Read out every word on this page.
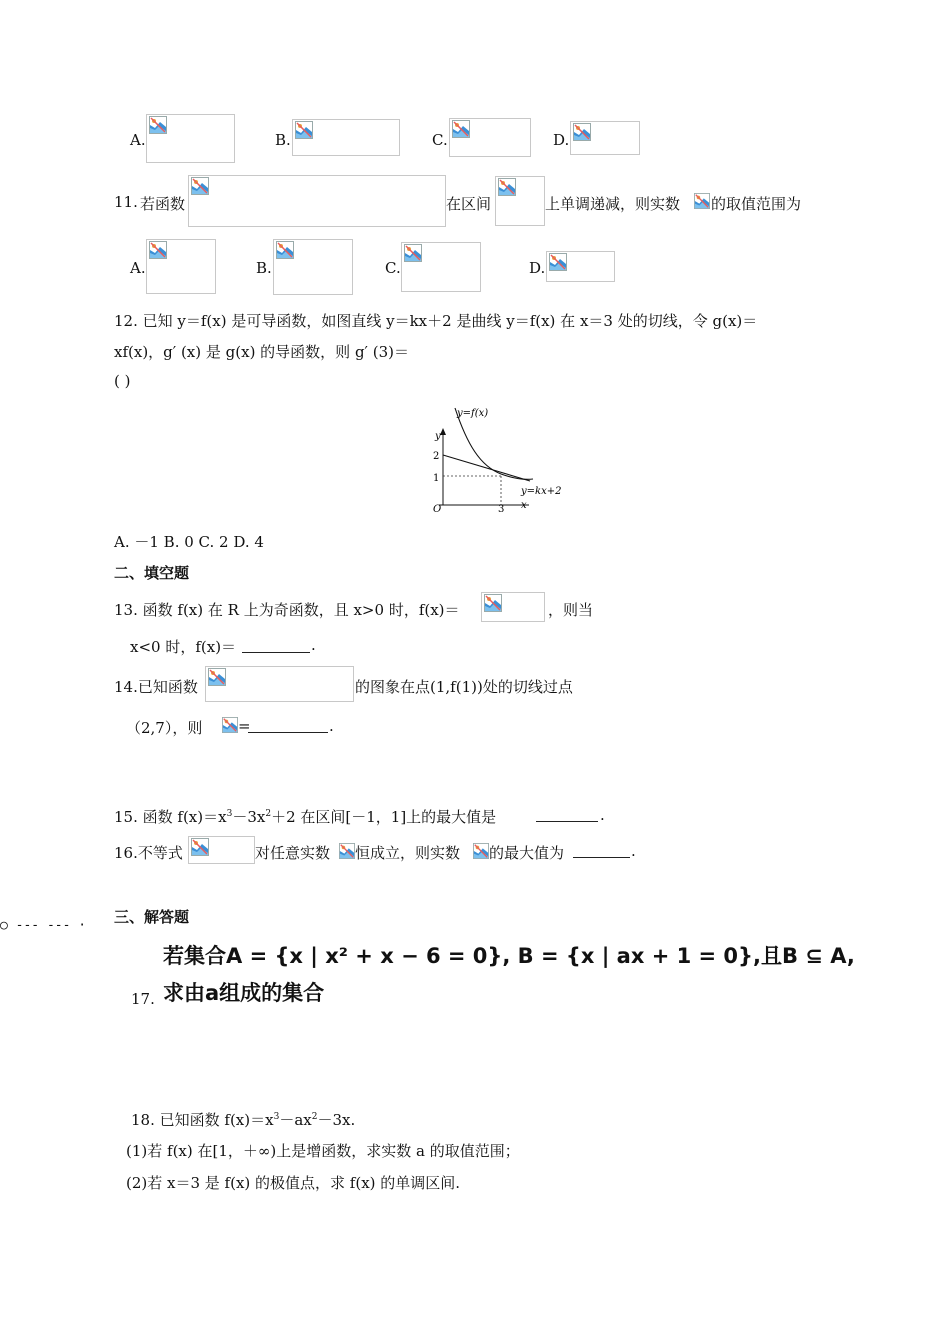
A.	B.	C.	D.
11. 若函数	在区间	上单调递减，则实数 的取值范围为
A.	B.	C.	D.
12. 已知 y＝f(x) 是可导函数，如图直线 y＝kx＋2 是曲线 y＝f(x) 在 x＝3 处的切线，令 g(x)＝
xf(x)，g′ (x) 是 g(x) 的导函数，则 g′ (3)＝
( )
y=f(x)
y
2
1
O	3
y=kx+2
x
A. －1 B. 0 C. 2 D. 4
二、填空题
13. 函数 f(x) 在 R 上为奇函数，且 x>0 时，f(x)＝	，则当
x<0 时，f(x)＝	.
14.已知函数	的图象在点(1,f(1))处的切线过点
（2,7），则 =	.
15. 函数 $f(x)=x^3-3x^2+2$ 在区间[－1，1]上的最大值是	.
16.不等式	对任意实数 恒成立，则实数 的最大值为	.
○ --- --- · 三、解答题
若集合A = {x | x² + x − 6 = 0}, B = {x | ax + 1 = 0},且B ⊆ A,
17. 求由a组成的集合
18. 已知函数 $f(x)=x^3-ax^2-3x$.
(1)若 f(x) 在[1，＋∞)上是增函数，求实数 a 的取值范围；
(2)若 x＝3 是 f(x) 的极值点，求 f(x) 的单调区间.
